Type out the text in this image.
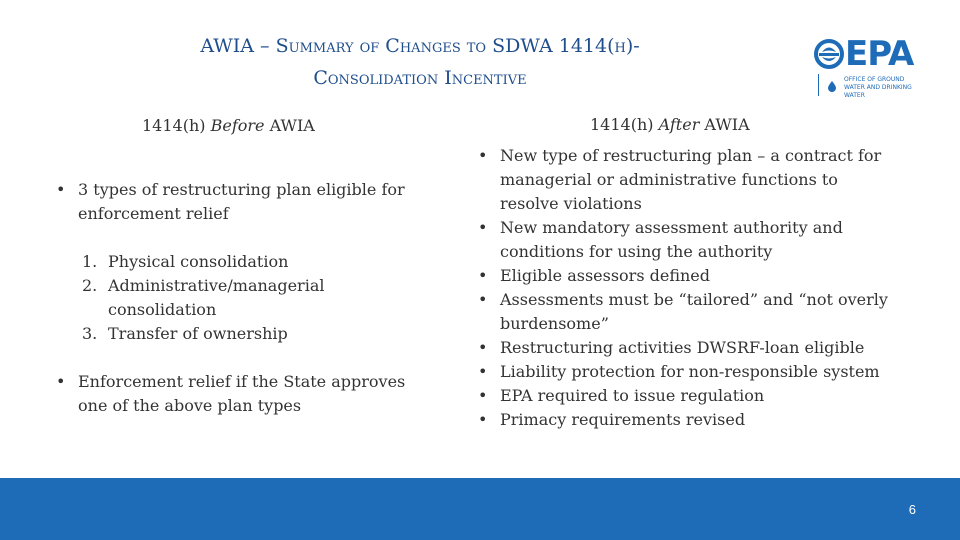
AWIA – Summary of Changes to SDWA 1414(h)-
Consolidation Incentive
EPA
OFFICE OF GROUND WATER AND DRINKING WATER
1414(h) Before AWIA
• 3 types of restructuring plan eligible for enforcement relief
1. Physical consolidation
2. Administrative/managerial consolidation
3. Transfer of ownership
• Enforcement relief if the State approves one of the above plan types
1414(h) After AWIA
• New type of restructuring plan – a contract for managerial or administrative functions to resolve violations
• New mandatory assessment authority and conditions for using the authority
• Eligible assessors defined
• Assessments must be “tailored” and “not overly burdensome”
• Restructuring activities DWSRF-loan eligible
• Liability protection for non-responsible system
• EPA required to issue regulation
• Primacy requirements revised
6
